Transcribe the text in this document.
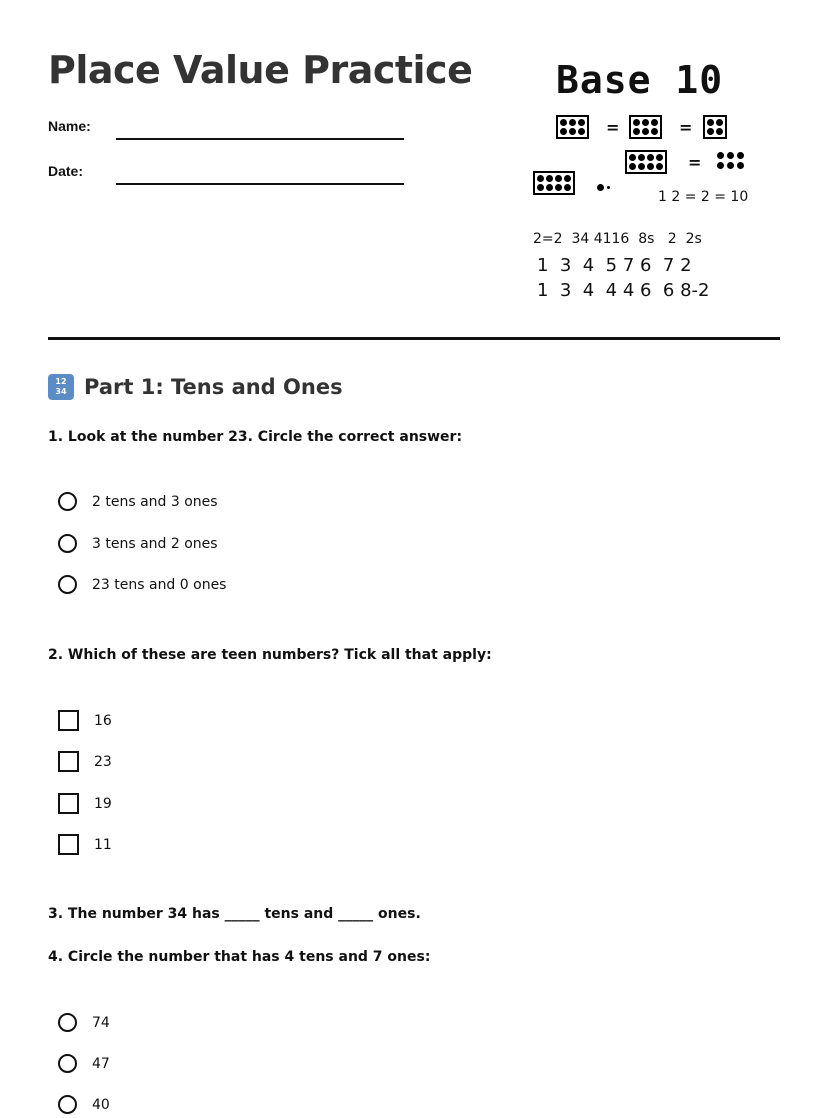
Place Value Practice
Name:
Date:
Base 10
=	=
=
1 2 = 2 = 10
2=2  34 4116  8s   2  2s
1  3  4  5 7 6  7 2
1  3  4  4 4 6  6 8-2
12
34 Part 1: Tens and Ones
1. Look at the number 23. Circle the correct answer:
2 tens and 3 ones
3 tens and 2 ones
23 tens and 0 ones
2. Which of these are teen numbers? Tick all that apply:
16
23
19
11
3. The number 34 has _____ tens and _____ ones.
4. Circle the number that has 4 tens and 7 ones:
74
47
40
